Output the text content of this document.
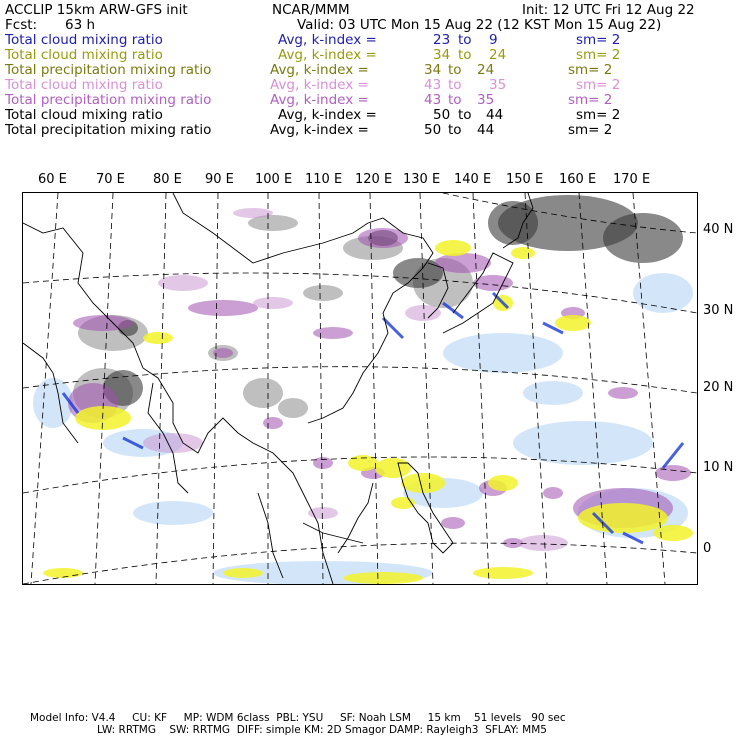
ACCLIP 15km ARW-GFS init	NCAR/MMM	Init: 12 UTC Fri 12 Aug 22
Fcst: 63 h	Valid: 03 UTC Mon 15 Aug 22 (12 KST Mon 15 Aug 22)
Total cloud mixing ratio	Avg, k-index =	23 to 9	sm= 2
Total cloud mixing ratio	Avg, k-index =	34 to 24	sm= 2
Total precipitation mixing ratio	Avg, k-index =	34 to 24	sm= 2
Total cloud mixing ratio	Avg, k-index =	43 to 35	sm= 2
Total precipitation mixing ratio	Avg, k-index =	43 to 35	sm= 2
Total cloud mixing ratio	Avg, k-index =	50 to 44	sm= 2
Total precipitation mixing ratio	Avg, k-index =	50 to 44	sm= 2
60 E 70 E 80 E 90 E 100 E 110 E 120 E 130 E 140 E 150 E 160 E 170 E
40 N
30 N
20 N
10 N
0
Model Info: V4.4     CU: KF     MP: WDM 6class  PBL: YSU     SF: Noah LSM     15 km    51 levels   90 sec
LW: RRTMG    SW: RRTMG  DIFF: simple KM: 2D Smagor DAMP: Rayleigh3  SFLAY: MM5
